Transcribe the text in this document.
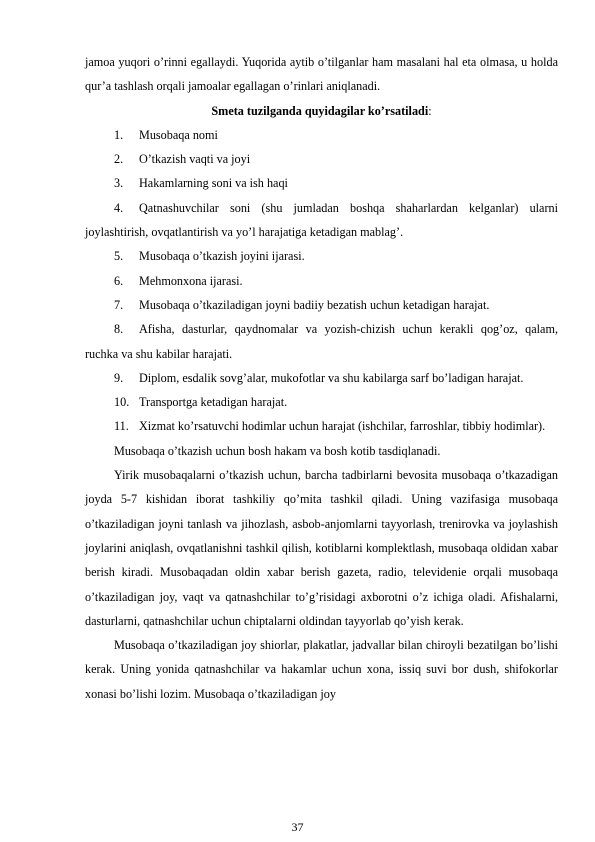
jamoa yuqori o’rinni egallaydi. Yuqorida aytib o’tilganlar ham masalani hal eta olmasa, u holda qur’a tashlash orqali jamoalar egallagan o’rinlari aniqlanadi.

Smeta tuzilganda quyidagilar ko’rsatiladi:

1. Musobaqa nomi

2. O’tkazish vaqti va joyi

3. Hakamlarning soni va ish haqi

4. Qatnashuvchilar soni (shu jumladan boshqa shaharlardan kelganlar) ularni joylashtirish, ovqatlantirish va yo’l harajatiga ketadigan mablag’.

5. Musobaqa o’tkazish joyini ijarasi.

6. Mehmonxona ijarasi.

7. Musobaqa o’tkaziladigan joyni badiiy bezatish uchun ketadigan harajat.

8. Afisha, dasturlar, qaydnomalar va yozish-chizish uchun kerakli qog’oz, qalam, ruchka va shu kabilar harajati.

9. Diplom, esdalik sovg’alar, mukofotlar va shu kabilarga sarf bo’ladigan harajat.

10. Transportga ketadigan harajat.

11. Xizmat ko’rsatuvchi hodimlar uchun harajat (ishchilar, farroshlar, tibbiy hodimlar).

Musobaqa o’tkazish uchun bosh hakam va bosh kotib tasdiqlanadi.

Yirik musobaqalarni o’tkazish uchun, barcha tadbirlarni bevosita musobaqa o’tkazadigan joyda 5-7 kishidan iborat tashkiliy qo’mita tashkil qiladi. Uning vazifasiga musobaqa o’tkaziladigan joyni tanlash va jihozlash, asbob-anjomlarni tayyorlash, trenirovka va joylashish joylarini aniqlash, ovqatlanishni tashkil qilish, kotiblarni komplektlash, musobaqa oldidan xabar berish kiradi. Musobaqadan oldin xabar berish gazeta, radio, televidenie orqali musobaqa o’tkaziladigan joy, vaqt va qatnashchilar to’g’risidagi axborotni o’z ichiga oladi. Afishalarni, dasturlarni, qatnashchilar uchun chiptalarni oldindan tayyorlab qo’yish kerak.

Musobaqa o’tkaziladigan joy shiorlar, plakatlar, jadvallar bilan chiroyli bezatilgan bo’lishi kerak. Uning yonida qatnashchilar va hakamlar uchun xona, issiq suvi bor dush, shifokorlar xonasi bo’lishi lozim. Musobaqa o’tkaziladigan joy

37
